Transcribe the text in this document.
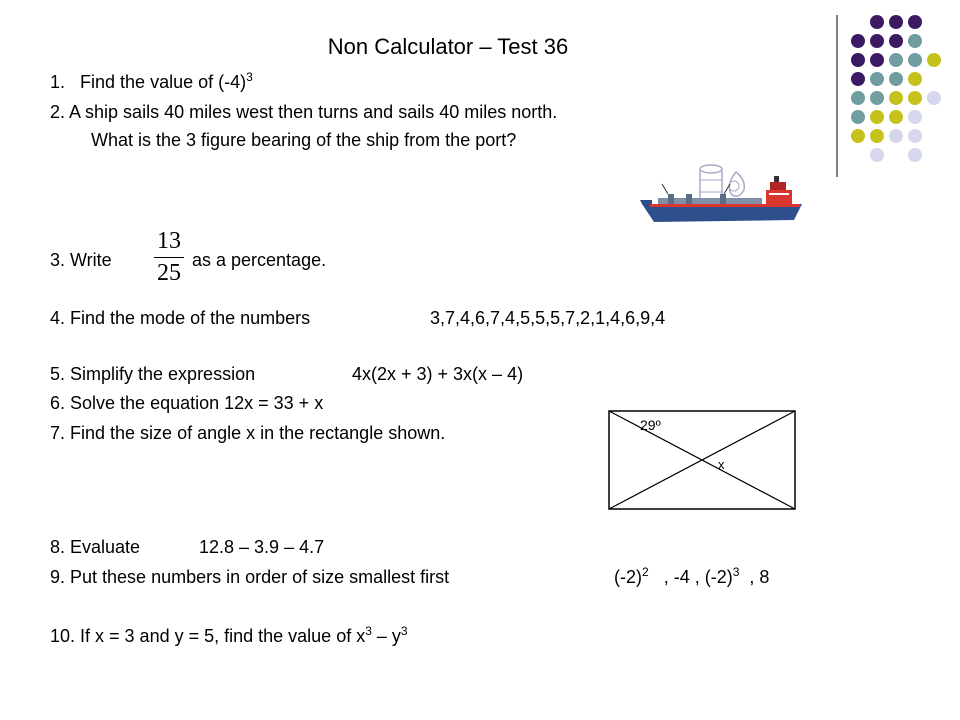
Non Calculator – Test 36
1. Find the value of $(-4)^3$
2. A ship sails 40 miles west then turns and sails 40 miles north.
What is the 3 figure bearing of the ship from the port?
3. Write
13
25 as a percentage.
4. Find the mode of the numbers	3,7,4,6,7,4,5,5,5,7,2,1,4,6,9,4
5. Simplify the expression	4x(2x + 3) + 3x(x – 4)
6. Solve the equation 12x = 33 + x
7. Find the size of angle x in the rectangle shown.	29º
x
8. Evaluate	12.8 – 3.9 – 4.7
9. Put these numbers in order of size smallest first	$(-2)^2$ , -4 , $(-2)^3$ , 8
10. If x = 3 and y = 5, find the value of $x^3 - y^3$
